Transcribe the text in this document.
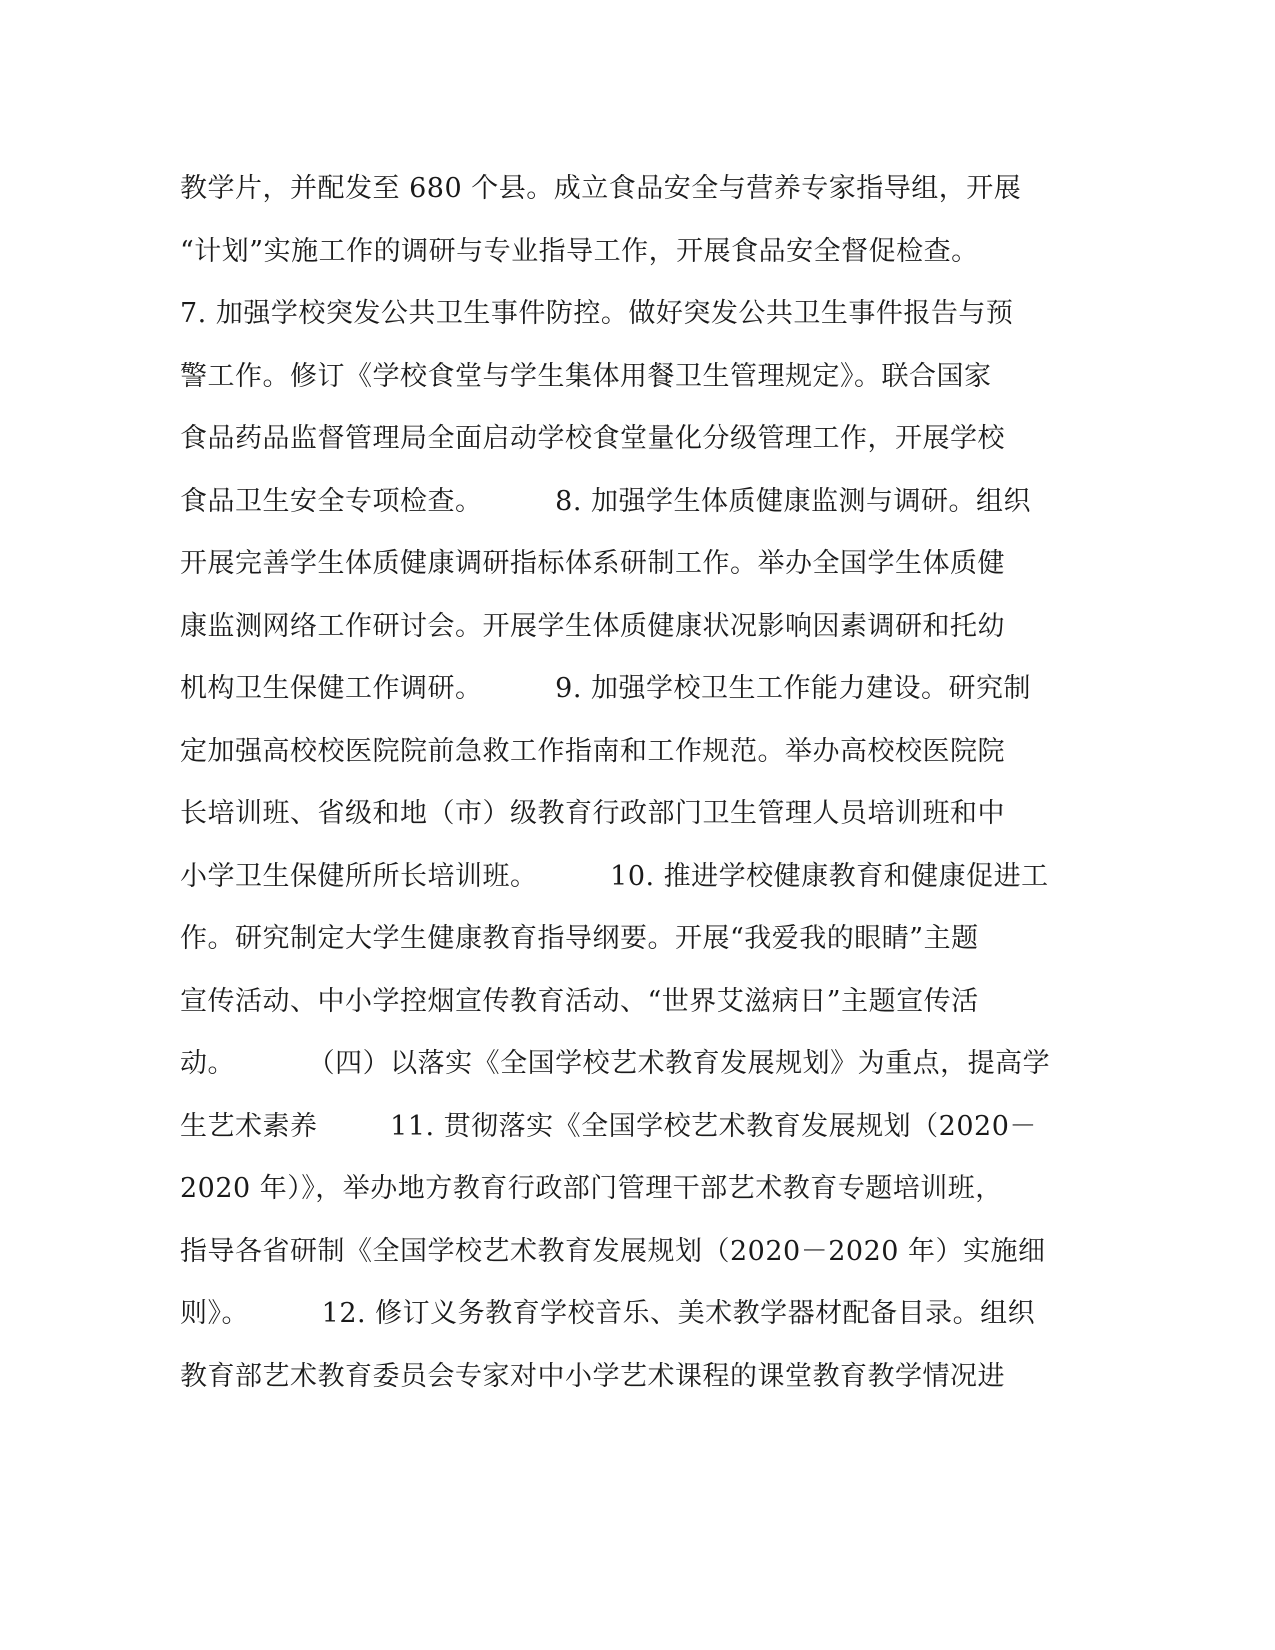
教学片，并配发至 680 个县。成立食品安全与营养专家指导组，开展
“计划”实施工作的调研与专业指导工作，开展食品安全督促检查。
7. 加强学校突发公共卫生事件防控。做好突发公共卫生事件报告与预
警工作。修订《学校食堂与学生集体用餐卫生管理规定》。联合国家
食品药品监督管理局全面启动学校食堂量化分级管理工作，开展学校
食品卫生安全专项检查。        8. 加强学生体质健康监测与调研。组织
开展完善学生体质健康调研指标体系研制工作。举办全国学生体质健
康监测网络工作研讨会。开展学生体质健康状况影响因素调研和托幼
机构卫生保健工作调研。        9. 加强学校卫生工作能力建设。研究制
定加强高校校医院院前急救工作指南和工作规范。举办高校校医院院
长培训班、省级和地（市）级教育行政部门卫生管理人员培训班和中
小学卫生保健所所长培训班。        10. 推进学校健康教育和健康促进工
作。研究制定大学生健康教育指导纲要。开展“我爱我的眼睛”主题
宣传活动、中小学控烟宣传教育活动、“世界艾滋病日”主题宣传活
动。        （四）以落实《全国学校艺术教育发展规划》为重点，提高学
生艺术素养        11. 贯彻落实《全国学校艺术教育发展规划（2020－
2020 年）》，举办地方教育行政部门管理干部艺术教育专题培训班，
指导各省研制《全国学校艺术教育发展规划（2020－2020 年）实施细
则》。        12. 修订义务教育学校音乐、美术教学器材配备目录。组织
教育部艺术教育委员会专家对中小学艺术课程的课堂教育教学情况进
